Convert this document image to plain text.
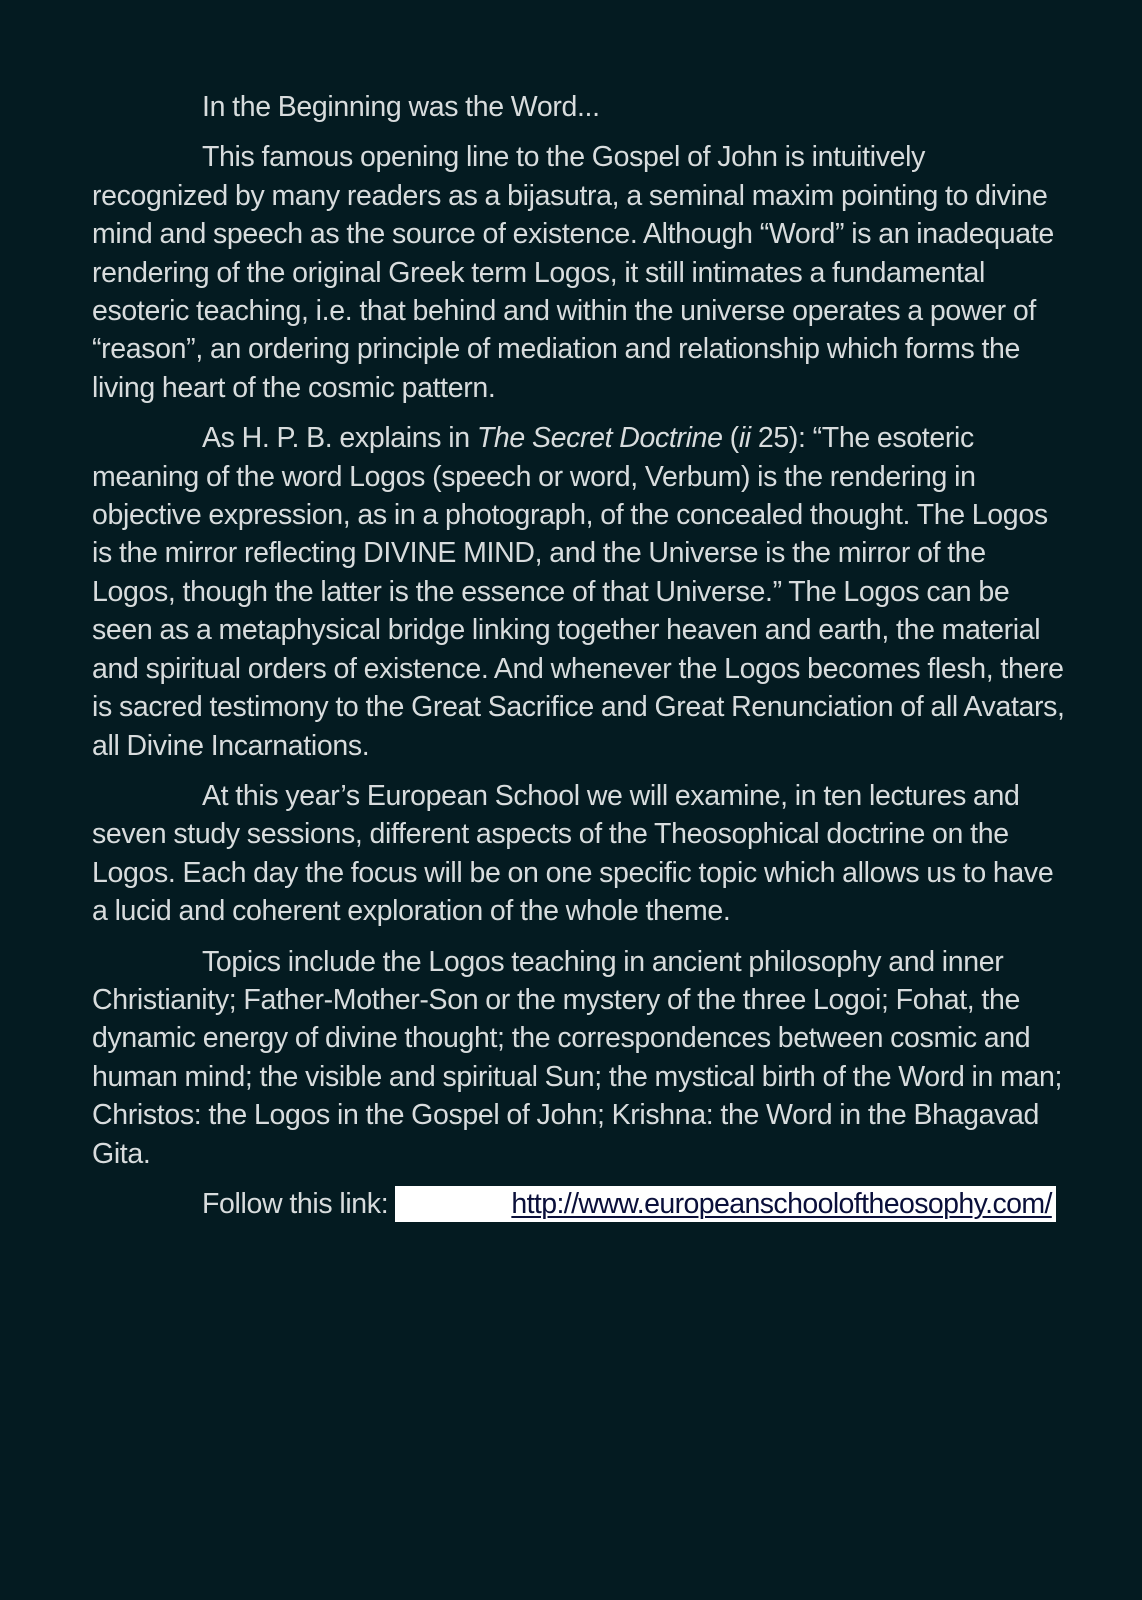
In the Beginning was the Word...

This famous opening line to the Gospel of John is intuitively recognized by many readers as a bijasutra, a seminal maxim pointing to divine mind and speech as the source of existence. Although “Word” is an inadequate rendering of the original Greek term Logos, it still intimates a fundamental esoteric teaching, i.e. that behind and within the universe operates a power of “reason”, an ordering principle of mediation and relationship which forms the living heart of the cosmic pattern.

As H. P. B. explains in The Secret Doctrine (ii 25): “The esoteric meaning of the word Logos (speech or word, Verbum) is the rendering in objective expression, as in a photograph, of the concealed thought. The Logos is the mirror reflecting DIVINE MIND, and the Universe is the mirror of the Logos, though the latter is the essence of that Universe.” The Logos can be seen as a metaphysical bridge linking together heaven and earth, the material and spiritual orders of existence. And whenever the Logos becomes flesh, there is sacred testimony to the Great Sacrifice and Great Renunciation of all Avatars, all Divine Incarnations.

At this year’s European School we will examine, in ten lectures and seven study sessions, different aspects of the Theosophical doctrine on the Logos. Each day the focus will be on one specific topic which allows us to have a lucid and coherent exploration of the whole theme.

Topics include the Logos teaching in ancient philosophy and inner Christianity; Father-Mother-Son or the mystery of the three Logoi; Fohat, the dynamic energy of divine thought; the correspondences between cosmic and human mind; the visible and spiritual Sun; the mystical birth of the Word in man; Christos: the Logos in the Gospel of John; Krishna: the Word in the Bhagavad Gita.

Follow this link:	http://www.europeanschooloftheosophy.com/
